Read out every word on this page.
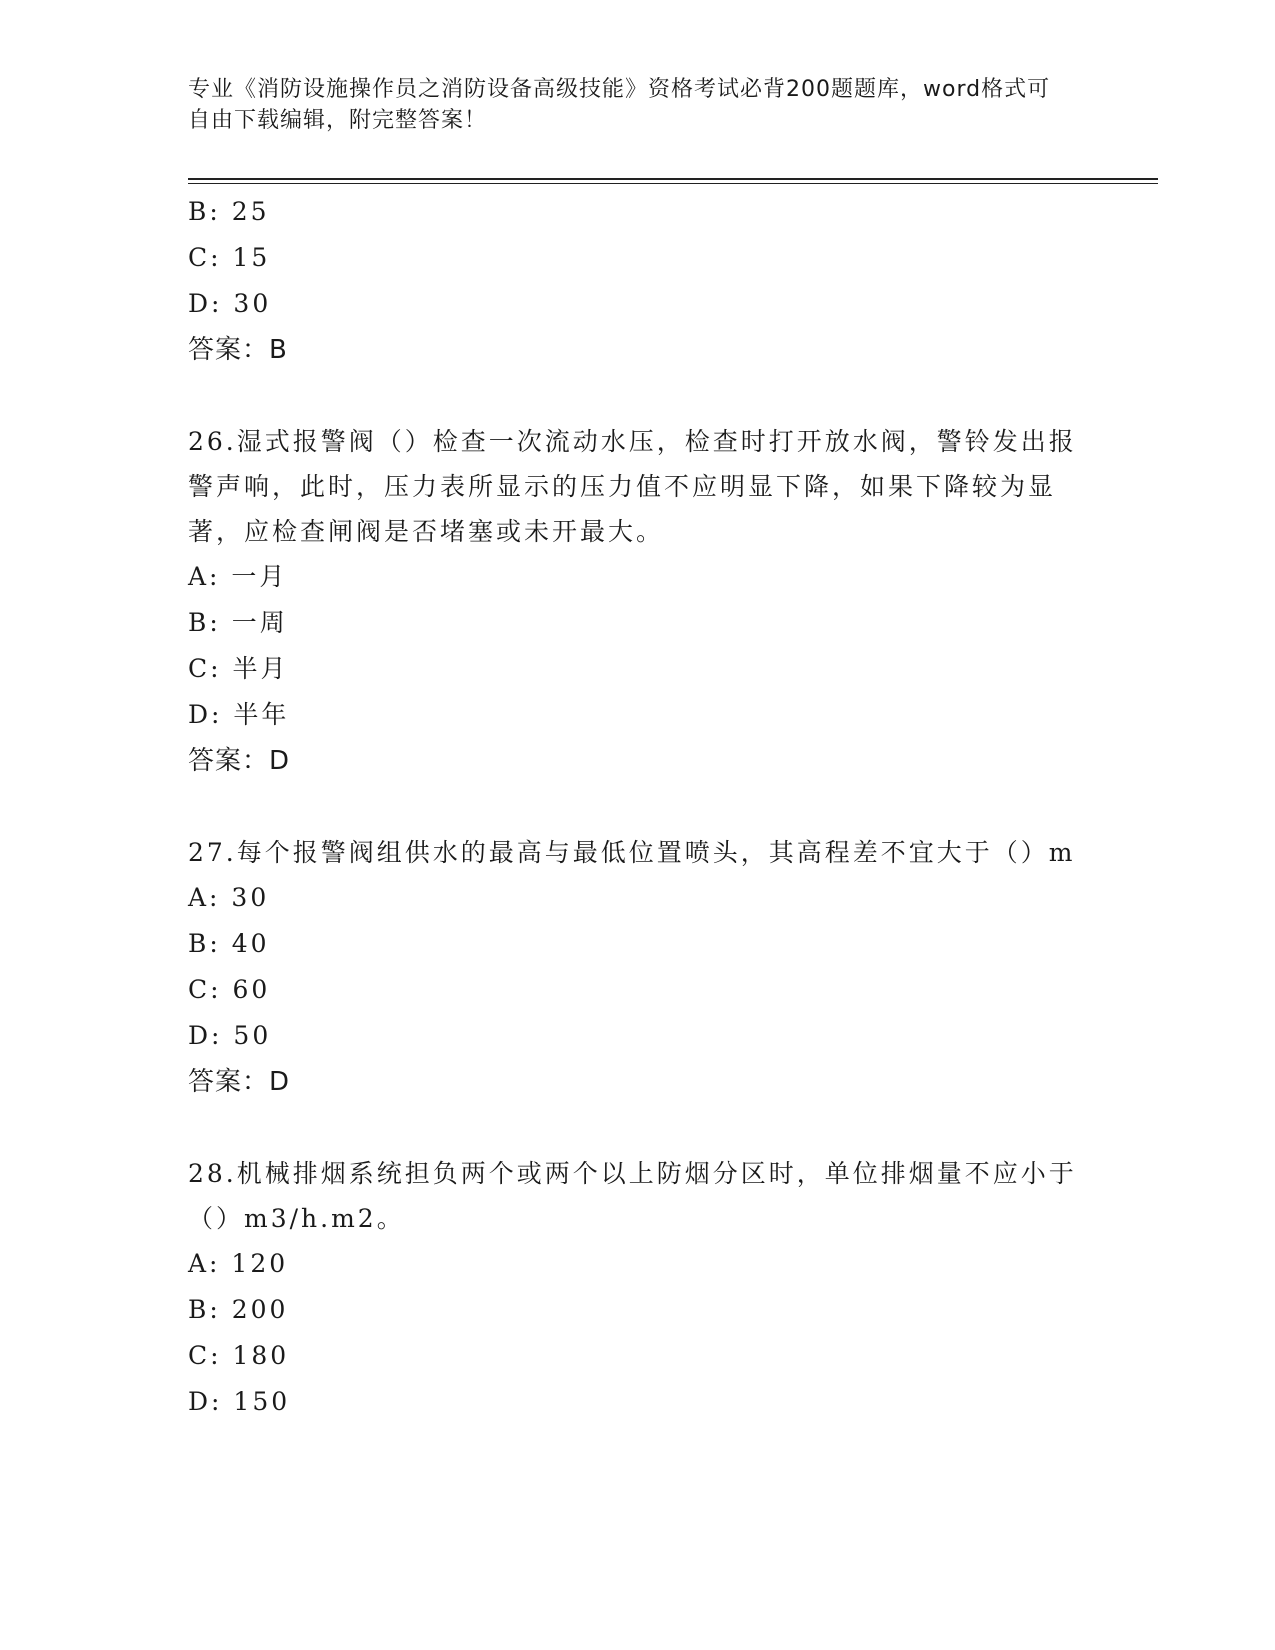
专业《消防设施操作员之消防设备高级技能》资格考试必背200题题库，word格式可自由下载编辑，附完整答案！
B: 25
C: 15
D: 30
答案：B
26.湿式报警阀（）检查一次流动水压，检查时打开放水阀，警铃发出报警声响，此时，压力表所显示的压力值不应明显下降，如果下降较为显著，应检查闸阀是否堵塞或未开最大。
A: 一月
B: 一周
C: 半月
D: 半年
答案：D
27.每个报警阀组供水的最高与最低位置喷头，其高程差不宜大于（）m
A: 30
B: 40
C: 60
D: 50
答案：D
28.机械排烟系统担负两个或两个以上防烟分区时，单位排烟量不应小于（）m3/h.m2。
A: 120
B: 200
C: 180
D: 150
